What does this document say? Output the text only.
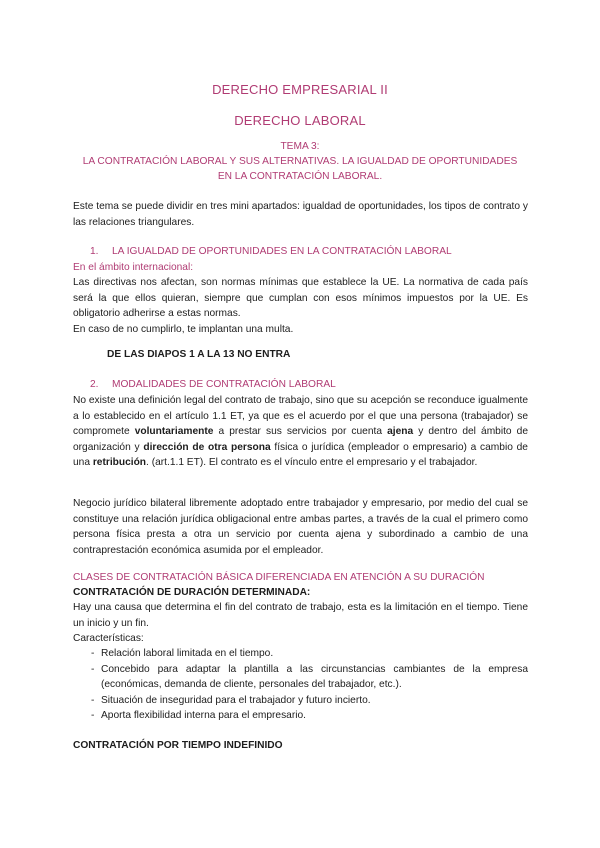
DERECHO EMPRESARIAL II
DERECHO LABORAL
TEMA 3:
LA CONTRATACIÓN LABORAL Y SUS ALTERNATIVAS. LA IGUALDAD DE OPORTUNIDADES
EN LA CONTRATACIÓN LABORAL.
Este tema se puede dividir en tres mini apartados: igualdad de oportunidades, los tipos de contrato y las relaciones triangulares.
1. LA IGUALDAD DE OPORTUNIDADES EN LA CONTRATACIÓN LABORAL
En el ámbito internacional:
Las directivas nos afectan, son normas mínimas que establece la UE. La normativa de cada país será la que ellos quieran, siempre que cumplan con esos mínimos impuestos por la UE. Es obligatorio adherirse a estas normas.
En caso de no cumplirlo, te implantan una multa.
DE LAS DIAPOS 1 A LA 13 NO ENTRA
2. MODALIDADES DE CONTRATACIÓN LABORAL
No existe una definición legal del contrato de trabajo, sino que su acepción se reconduce igualmente a lo establecido en el artículo 1.1 ET, ya que es el acuerdo por el que una persona (trabajador) se compromete voluntariamente a prestar sus servicios por cuenta ajena y dentro del ámbito de organización y dirección de otra persona física o jurídica (empleador o empresario) a cambio de una retribución. (art.1.1 ET). El contrato es el vínculo entre el empresario y el trabajador.
Negocio jurídico bilateral libremente adoptado entre trabajador y empresario, por medio del cual se constituye una relación jurídica obligacional entre ambas partes, a través de la cual el primero como persona física presta a otra un servicio por cuenta ajena y subordinado a cambio de una contraprestación económica asumida por el empleador.
CLASES DE CONTRATACIÓN BÁSICA DIFERENCIADA EN ATENCIÓN A SU DURACIÓN
CONTRATACIÓN DE DURACIÓN DETERMINADA:
Hay una causa que determina el fin del contrato de trabajo, esta es la limitación en el tiempo. Tiene un inicio y un fin.
Características:
- Relación laboral limitada en el tiempo.
- Concebido para adaptar la plantilla a las circunstancias cambiantes de la empresa (económicas, demanda de cliente, personales del trabajador, etc.).
- Situación de inseguridad para el trabajador y futuro incierto.
- Aporta flexibilidad interna para el empresario.
CONTRATACIÓN POR TIEMPO INDEFINIDO
